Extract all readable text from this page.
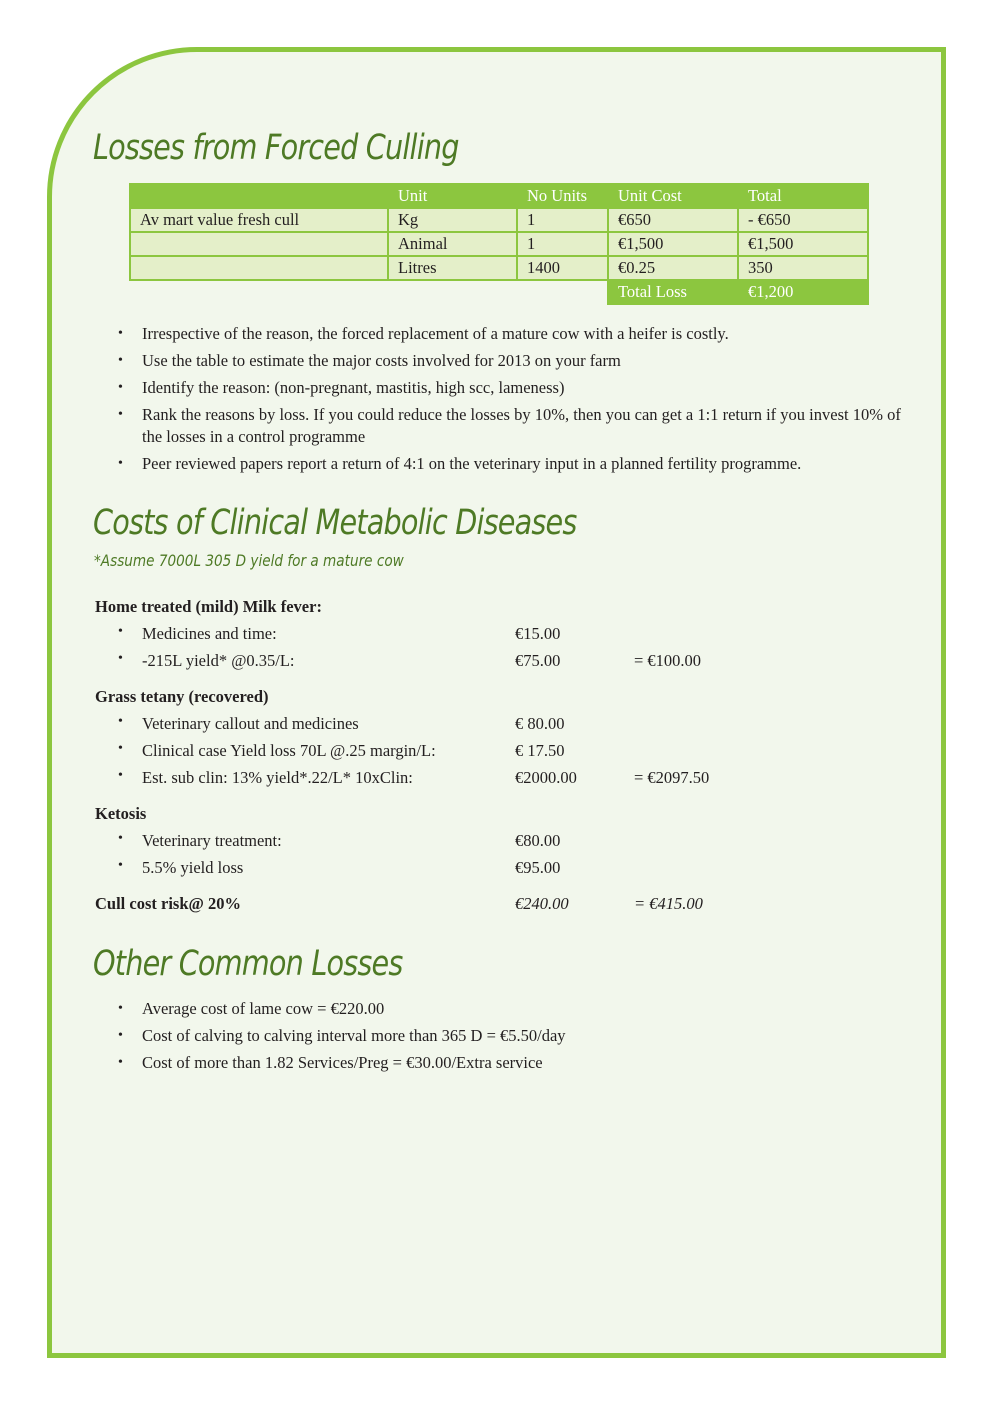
Losses from Forced Culling
	Unit	No Units	Unit Cost	Total
Av mart value fresh cull	Kg	1	€650	- €650
	Animal	1	€1,500	€1,500
	Litres	1400	€0.25	350
			Total Loss	€1,200
• Irrespective of the reason, the forced replacement of a mature cow with a heifer is costly.
• Use the table to estimate the major costs involved for 2013 on your farm
• Identify the reason: (non-pregnant, mastitis, high scc, lameness)
• Rank the reasons by loss. If you could reduce the losses by 10%, then you can get a 1:1 return if you invest 10% of the losses in a control programme
• Peer reviewed papers report a return of 4:1 on the veterinary input in a planned fertility programme.
Costs of Clinical Metabolic Diseases
*Assume 7000L 305 D yield for a mature cow
Home treated (mild) Milk fever:
• Medicines and time:	€15.00
• -215L yield* @0.35/L:	€75.00	= €100.00
Grass tetany (recovered)
• Veterinary callout and medicines	€ 80.00
• Clinical case Yield loss 70L @.25 margin/L:	€ 17.50
• Est. sub clin: 13% yield*.22/L* 10xClin:	€2000.00	= €2097.50
Ketosis
• Veterinary treatment:	€80.00
• 5.5% yield loss	€95.00
Cull cost risk@ 20%	€240.00	= €415.00
Other Common Losses
• Average cost of lame cow = €220.00
• Cost of calving to calving interval more than 365 D = €5.50/day
• Cost of more than 1.82 Services/Preg = €30.00/Extra service
